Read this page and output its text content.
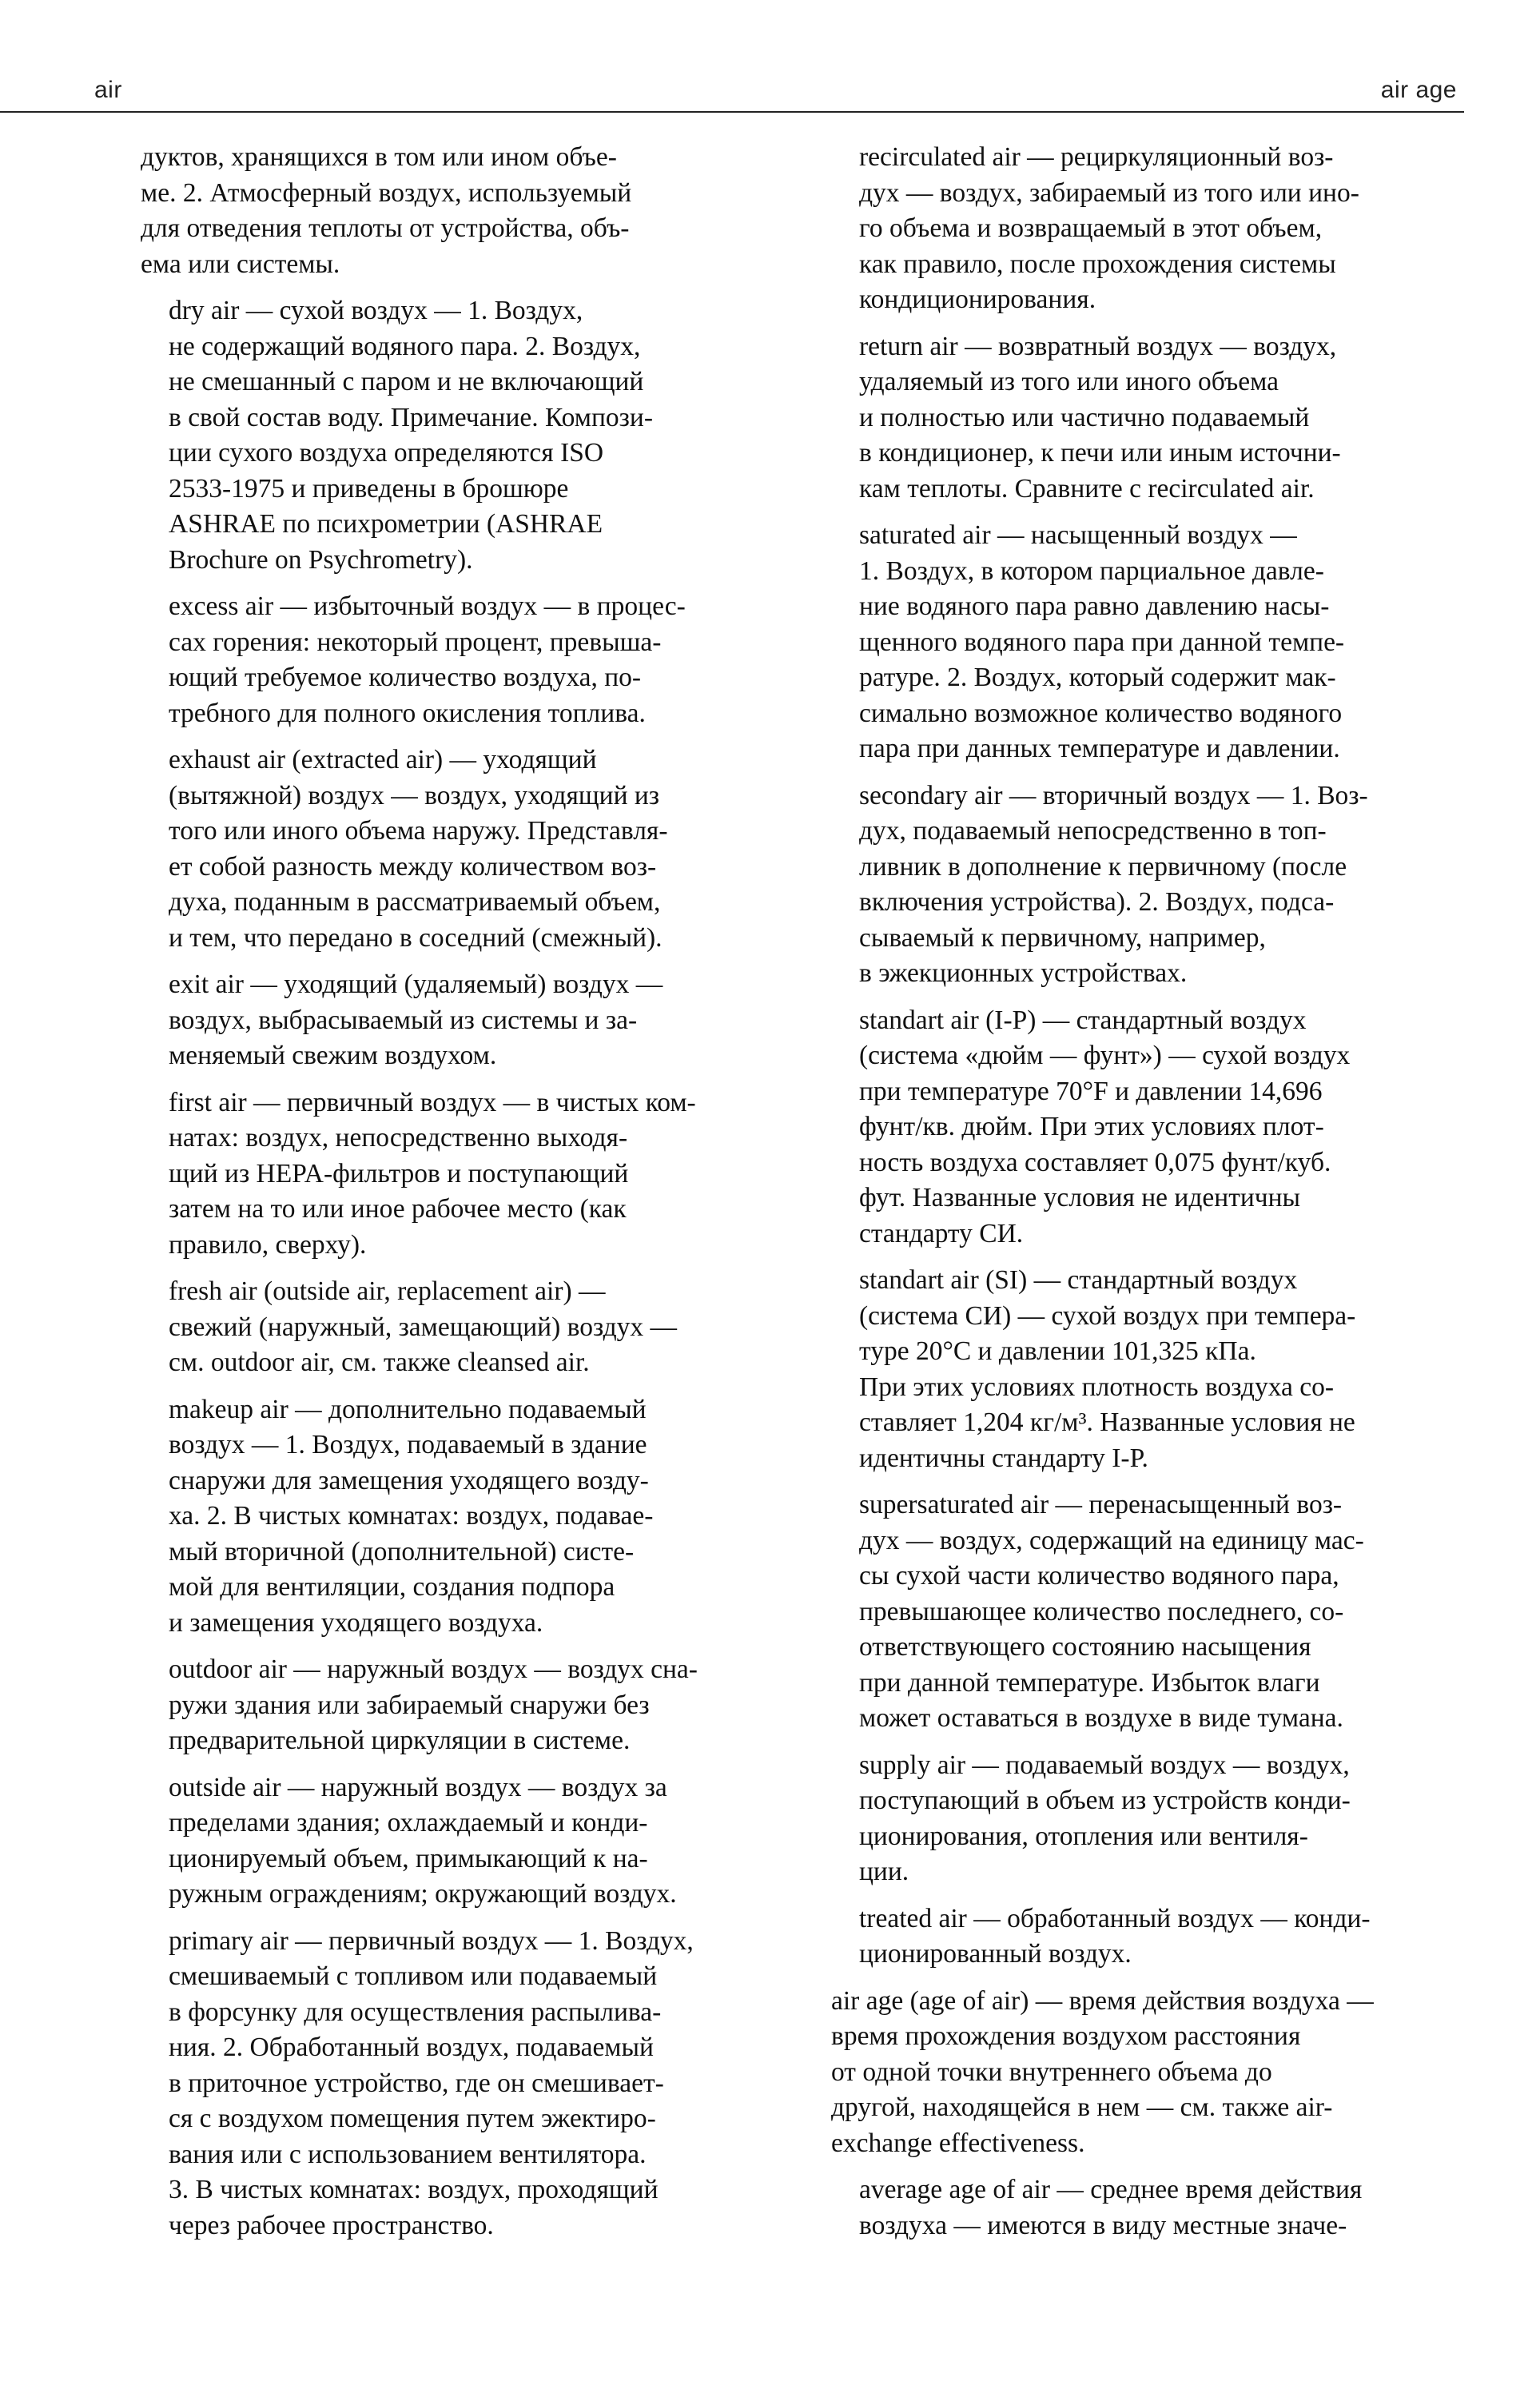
air	air age
дуктов, хранящихся в том или ином объе-
ме. 2. Атмосферный воздух, используемый
для отведения теплоты от устройства, объ-
ема или системы.
dry air — сухой воздух — 1. Воздух,
не содержащий водяного пара. 2. Воздух,
не смешанный с паром и не включающий
в свой состав воду. Примечание. Компози-
ции сухого воздуха определяются ISO
2533-1975 и приведены в брошюре
ASHRAE по психрометрии (ASHRAE
Brochure on Psychrometry).
excess air — избыточный воздух — в процес-
сах горения: некоторый процент, превыша-
ющий требуемое количество воздуха, по-
требного для полного окисления топлива.
exhaust air (extracted air) — уходящий
(вытяжной) воздух — воздух, уходящий из
того или иного объема наружу. Представля-
ет собой разность между количеством воз-
духа, поданным в рассматриваемый объем,
и тем, что передано в соседний (смежный).
exit air — уходящий (удаляемый) воздух —
воздух, выбрасываемый из системы и за-
меняемый свежим воздухом.
first air — первичный воздух — в чистых ком-
натах: воздух, непосредственно выходя-
щий из HEPA-фильтров и поступающий
затем на то или иное рабочее место (как
правило, сверху).
fresh air (outside air, replacement air) —
свежий (наружный, замещающий) воздух —
см. outdoor air, см. также cleansed air.
makeup air — дополнительно подаваемый
воздух — 1. Воздух, подаваемый в здание
снаружи для замещения уходящего возду-
ха. 2. В чистых комнатах: воздух, подавае-
мый вторичной (дополнительной) систе-
мой для вентиляции, создания подпора
и замещения уходящего воздуха.
outdoor air — наружный воздух — воздух сна-
ружи здания или забираемый снаружи без
предварительной циркуляции в системе.
outside air — наружный воздух — воздух за
пределами здания; охлаждаемый и конди-
ционируемый объем, примыкающий к на-
ружным ограждениям; окружающий воздух.
primary air — первичный воздух — 1. Воздух,
смешиваемый с топливом или подаваемый
в форсунку для осуществления распылива-
ния. 2. Обработанный воздух, подаваемый
в приточное устройство, где он смешивает-
ся с воздухом помещения путем эжектиро-
вания или с использованием вентилятора.
3. В чистых комнатах: воздух, проходящий
через рабочее пространство.
recirculated air — рециркуляционный воз-
дух — воздух, забираемый из того или ино-
го объема и возвращаемый в этот объем,
как правило, после прохождения системы
кондиционирования.
return air — возвратный воздух — воздух,
удаляемый из того или иного объема
и полностью или частично подаваемый
в кондиционер, к печи или иным источни-
кам теплоты. Сравните с recirculated air.
saturated air — насыщенный воздух —
1. Воздух, в котором парциальное давле-
ние водяного пара равно давлению насы-
щенного водяного пара при данной темпе-
ратуре. 2. Воздух, который содержит мак-
симально возможное количество водяного
пара при данных температуре и давлении.
secondary air — вторичный воздух — 1. Воз-
дух, подаваемый непосредственно в топ-
ливник в дополнение к первичному (после
включения устройства). 2. Воздух, подса-
сываемый к первичному, например,
в эжекционных устройствах.
standart air (I-P) — стандартный воздух
(система «дюйм — фунт») — сухой воздух
при температуре 70°F и давлении 14,696
фунт/кв. дюйм. При этих условиях плот-
ность воздуха составляет 0,075 фунт/куб.
фут. Названные условия не идентичны
стандарту СИ.
standart air (SI) — стандартный воздух
(система СИ) — сухой воздух при темпера-
туре 20°С и давлении 101,325 кПа.
При этих условиях плотность воздуха со-
ставляет 1,204 кг/м³. Названные условия не
идентичны стандарту I-P.
supersaturated air — перенасыщенный воз-
дух — воздух, содержащий на единицу мас-
сы сухой части количество водяного пара,
превышающее количество последнего, со-
ответствующего состоянию насыщения
при данной температуре. Избыток влаги
может оставаться в воздухе в виде тумана.
supply air — подаваемый воздух — воздух,
поступающий в объем из устройств конди-
ционирования, отопления или вентиля-
ции.
treated air — обработанный воздух — конди-
ционированный воздух.
air age (age of air) — время действия воздуха —
время прохождения воздухом расстояния
от одной точки внутреннего объема до
другой, находящейся в нем — см. также air-
exchange effectiveness.
average age of air — среднее время действия
воздуха — имеются в виду местные значе-
